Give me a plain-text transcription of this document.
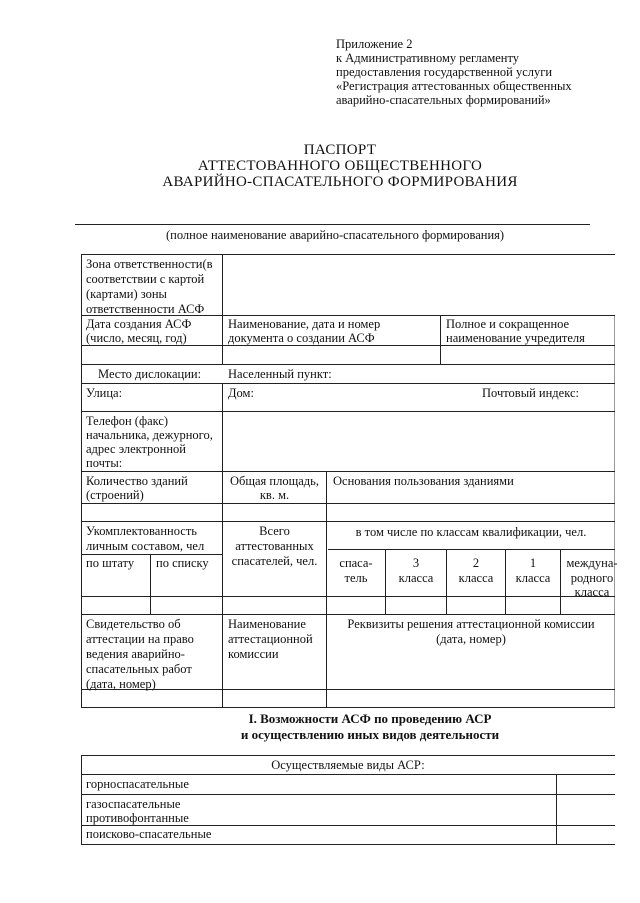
Приложение 2
к Административному регламенту
предоставления государственной услуги
«Регистрация аттестованных общественных
аварийно-спасательных формирований»
ПАСПОРТ
АТТЕСТОВАННОГО ОБЩЕСТВЕННОГО
АВАРИЙНО-СПАСАТЕЛЬНОГО ФОРМИРОВАНИЯ
(полное наименование аварийно-спасательного формирования)
Зона ответственности(в
соответствии с картой
(картами) зоны
ответственности АСФ
Дата создания АСФ
(число, месяц, год)
Наименование, дата и номер
документа о создании АСФ
Полное и сокращенное
наименование учредителя
Место дислокации: Населенный пункт:
Улица:	Дом:	Почтовый индекс:
Телефон (факс)
начальника, дежурного,
адрес электронной
почты:
Количество зданий
(строений)
Общая площадь,
кв. м.
Основания пользования зданиями
Укомплектованность
личным составом, чел
по штату по списку
Всего
аттестованных
спасателей, чел.
в том числе по классам квалификации, чел.
спаса-
тель
3
класса
2
класса
1
класса
междуна-
родного
класса
Свидетельство об
аттестации на право
ведения аварийно-
спасательных работ
(дата, номер)
Наименование
аттестационной
комиссии
Реквизиты решения аттестационной комиссии
(дата, номер)
I. Возможности АСФ по проведению АСР
и осуществлению иных видов деятельности
Осуществляемые виды АСР:
горноспасательные
газоспасательные
противофонтанные
поисково-спасательные
